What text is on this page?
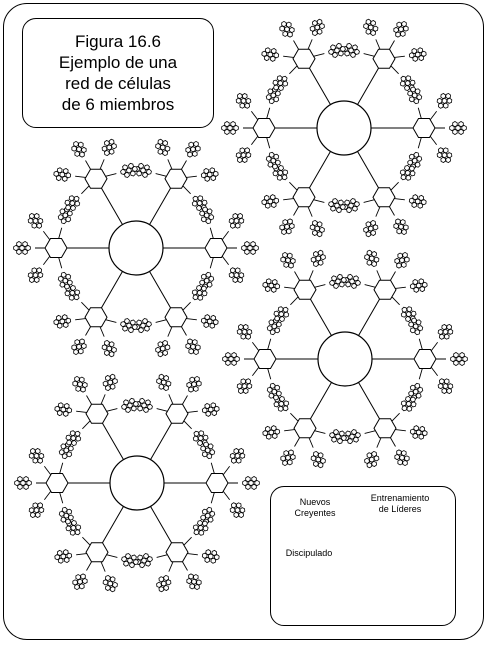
Figura 16.6
Ejemplo de una
red de células
de 6 miembros
Nuevos
Creyentes
Discipulado
Entrenamiento
de Líderes
